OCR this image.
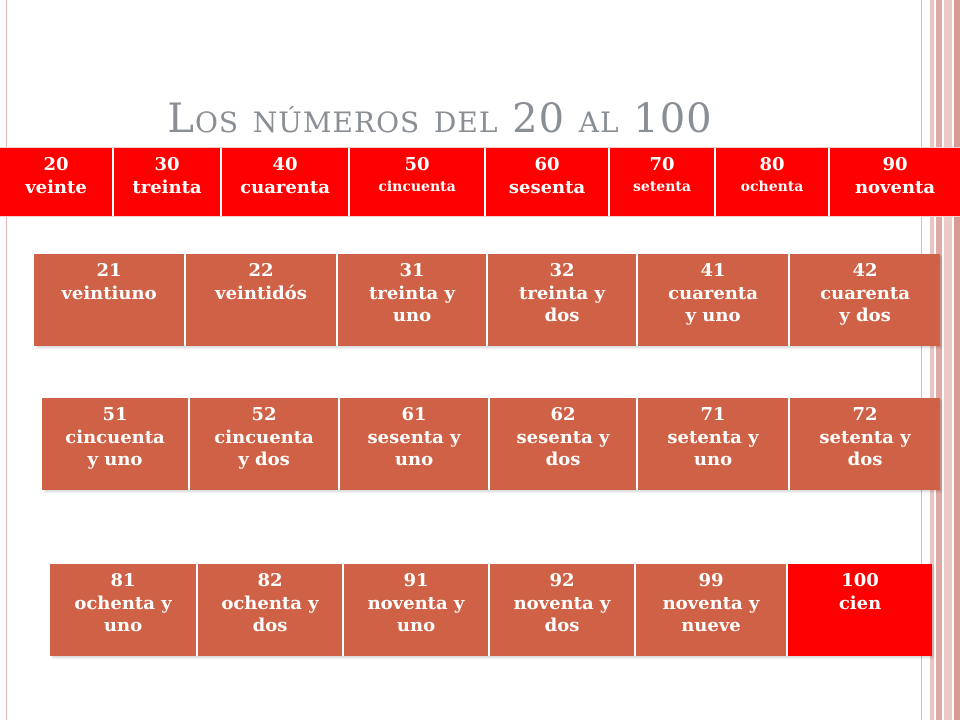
Los números del 20 al 100
20
veinte
30
treinta
40
cuarenta
50
cincuenta
60
sesenta
70
setenta
80
ochenta
90
noventa
21
veintiuno
22
veintidós
31
treinta y
uno
32
treinta y
dos
41
cuarenta
y uno
42
cuarenta
y dos
51
cincuenta
y uno
52
cincuenta
y dos
61
sesenta y
uno
62
sesenta y
dos
71
setenta y
uno
72
setenta y
dos
81
ochenta y
uno
82
ochenta y
dos
91
noventa y
uno
92
noventa y
dos
99
noventa y
nueve
100
cien
